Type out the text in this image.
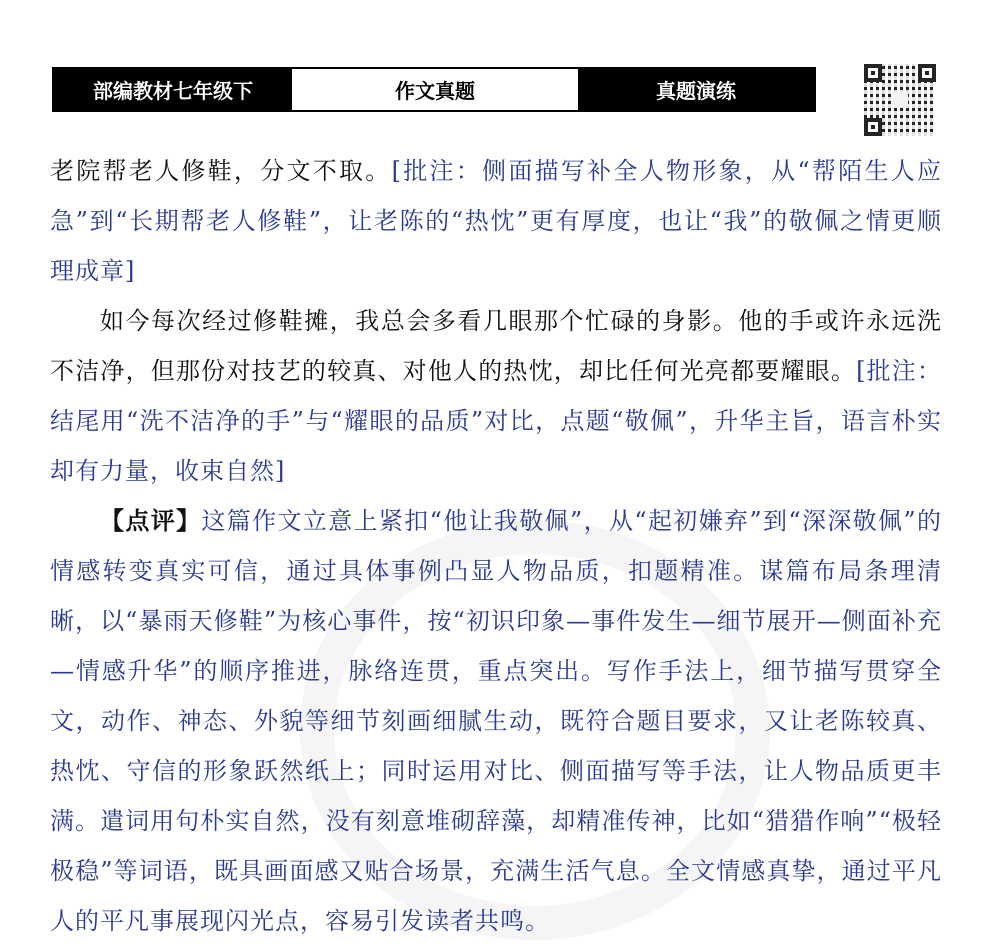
部编教材七年级下	作文真题	真题演练

老院帮老人修鞋，分文不取。[批注：侧面描写补全人物形象，从“帮陌生人应急”到“长期帮老人修鞋”，让老陈的“热忱”更有厚度，也让“我”的敬佩之情更顺理成章]

如今每次经过修鞋摊，我总会多看几眼那个忙碌的身影。他的手或许永远洗不洁净，但那份对技艺的较真、对他人的热忱，却比任何光亮都要耀眼。[批注：结尾用“洗不洁净的手”与“耀眼的品质”对比，点题“敬佩”，升华主旨，语言朴实却有力量，收束自然]

【点评】这篇作文立意上紧扣“他让我敬佩”，从“起初嫌弃”到“深深敬佩”的情感转变真实可信，通过具体事例凸显人物品质，扣题精准。谋篇布局条理清晰，以“暴雨天修鞋”为核心事件，按“初识印象—事件发生—细节展开—侧面补充—情感升华”的顺序推进，脉络连贯，重点突出。写作手法上，细节描写贯穿全文，动作、神态、外貌等细节刻画细腻生动，既符合题目要求，又让老陈较真、热忱、守信的形象跃然纸上；同时运用对比、侧面描写等手法，让人物品质更丰满。遣词用句朴实自然，没有刻意堆砌辞藻，却精准传神，比如“猎猎作响”“极轻极稳”等词语，既具画面感又贴合场景，充满生活气息。全文情感真挚，通过平凡人的平凡事展现闪光点，容易引发读者共鸣。
